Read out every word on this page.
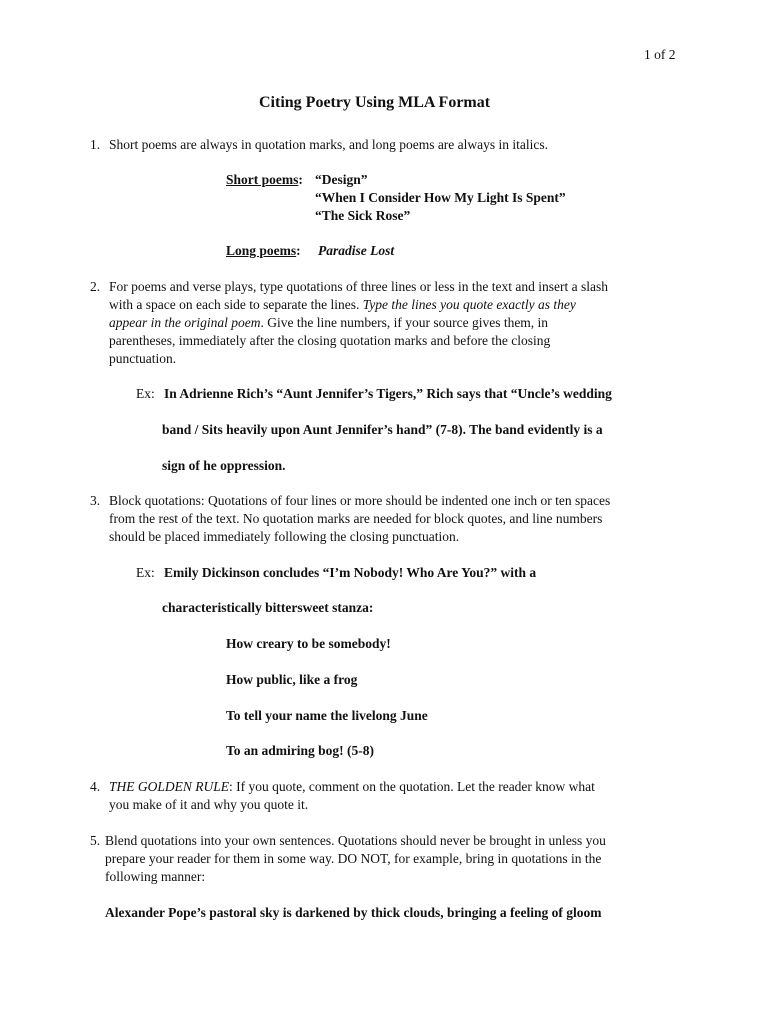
1 of 2
Citing Poetry Using MLA Format
1. Short poems are always in quotation marks, and long poems are always in italics.
Short poems: “Design”
“When I Consider How My Light Is Spent”
“The Sick Rose”
Long poems: Paradise Lost
2. For poems and verse plays, type quotations of three lines or less in the text and insert a slash
with a space on each side to separate the lines. Type the lines you quote exactly as they
appear in the original poem. Give the line numbers, if your source gives them, in
parentheses, immediately after the closing quotation marks and before the closing
punctuation.
Ex: In Adrienne Rich’s “Aunt Jennifer’s Tigers,” Rich says that “Uncle’s wedding
band / Sits heavily upon Aunt Jennifer’s hand” (7-8). The band evidently is a
sign of he oppression.
3. Block quotations: Quotations of four lines or more should be indented one inch or ten spaces
from the rest of the text. No quotation marks are needed for block quotes, and line numbers
should be placed immediately following the closing punctuation.
Ex: Emily Dickinson concludes “I’m Nobody! Who Are You?” with a
characteristically bittersweet stanza:
How creary to be somebody!
How public, like a frog
To tell your name the livelong June
To an admiring bog! (5-8)
4. THE GOLDEN RULE: If you quote, comment on the quotation. Let the reader know what
you make of it and why you quote it.
5. Blend quotations into your own sentences. Quotations should never be brought in unless you
prepare your reader for them in some way. DO NOT, for example, bring in quotations in the
following manner:
Alexander Pope’s pastoral sky is darkened by thick clouds, bringing a feeling of gloom
